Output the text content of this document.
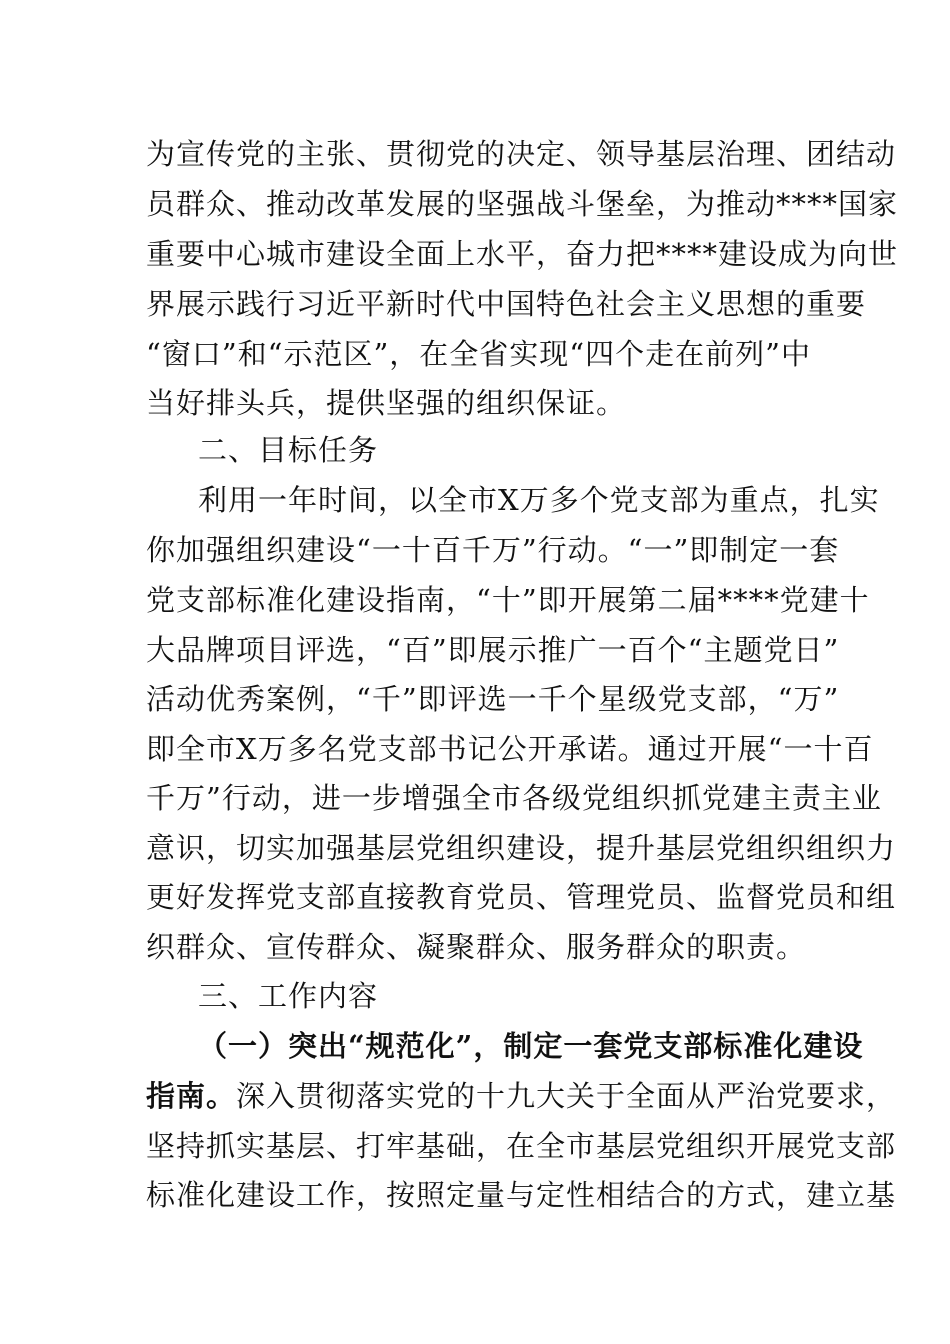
为宣传党的主张、贯彻党的决定、领导基层治理、团结动
员群众、推动改革发展的坚强战斗堡垒，为推动****国家
重要中心城市建设全面上水平，奋力把****建设成为向世
界展示践行习近平新时代中国特色社会主义思想的重要
“窗口”和“示范区”，在全省实现“四个走在前列”中
当好排头兵，提供坚强的组织保证。
二、目标任务
利用一年时间，以全市X万多个党支部为重点，扎实
你加强组织建设“一十百千万”行动。“一”即制定一套
党支部标准化建设指南，“十”即开展第二届****党建十
大品牌项目评选，“百”即展示推广一百个“主题党日”
活动优秀案例，“千”即评选一千个星级党支部，“万”
即全市X万多名党支部书记公开承诺。通过开展“一十百
千万”行动，进一步增强全市各级党组织抓党建主责主业
意识，切实加强基层党组织建设，提升基层党组织组织力
更好发挥党支部直接教育党员、管理党员、监督党员和组
织群众、宣传群众、凝聚群众、服务群众的职责。
三、工作内容
（一）突出“规范化”，制定一套党支部标准化建设
指南。深入贯彻落实党的十九大关于全面从严治党要求，
坚持抓实基层、打牢基础，在全市基层党组织开展党支部
标准化建设工作，按照定量与定性相结合的方式，建立基
